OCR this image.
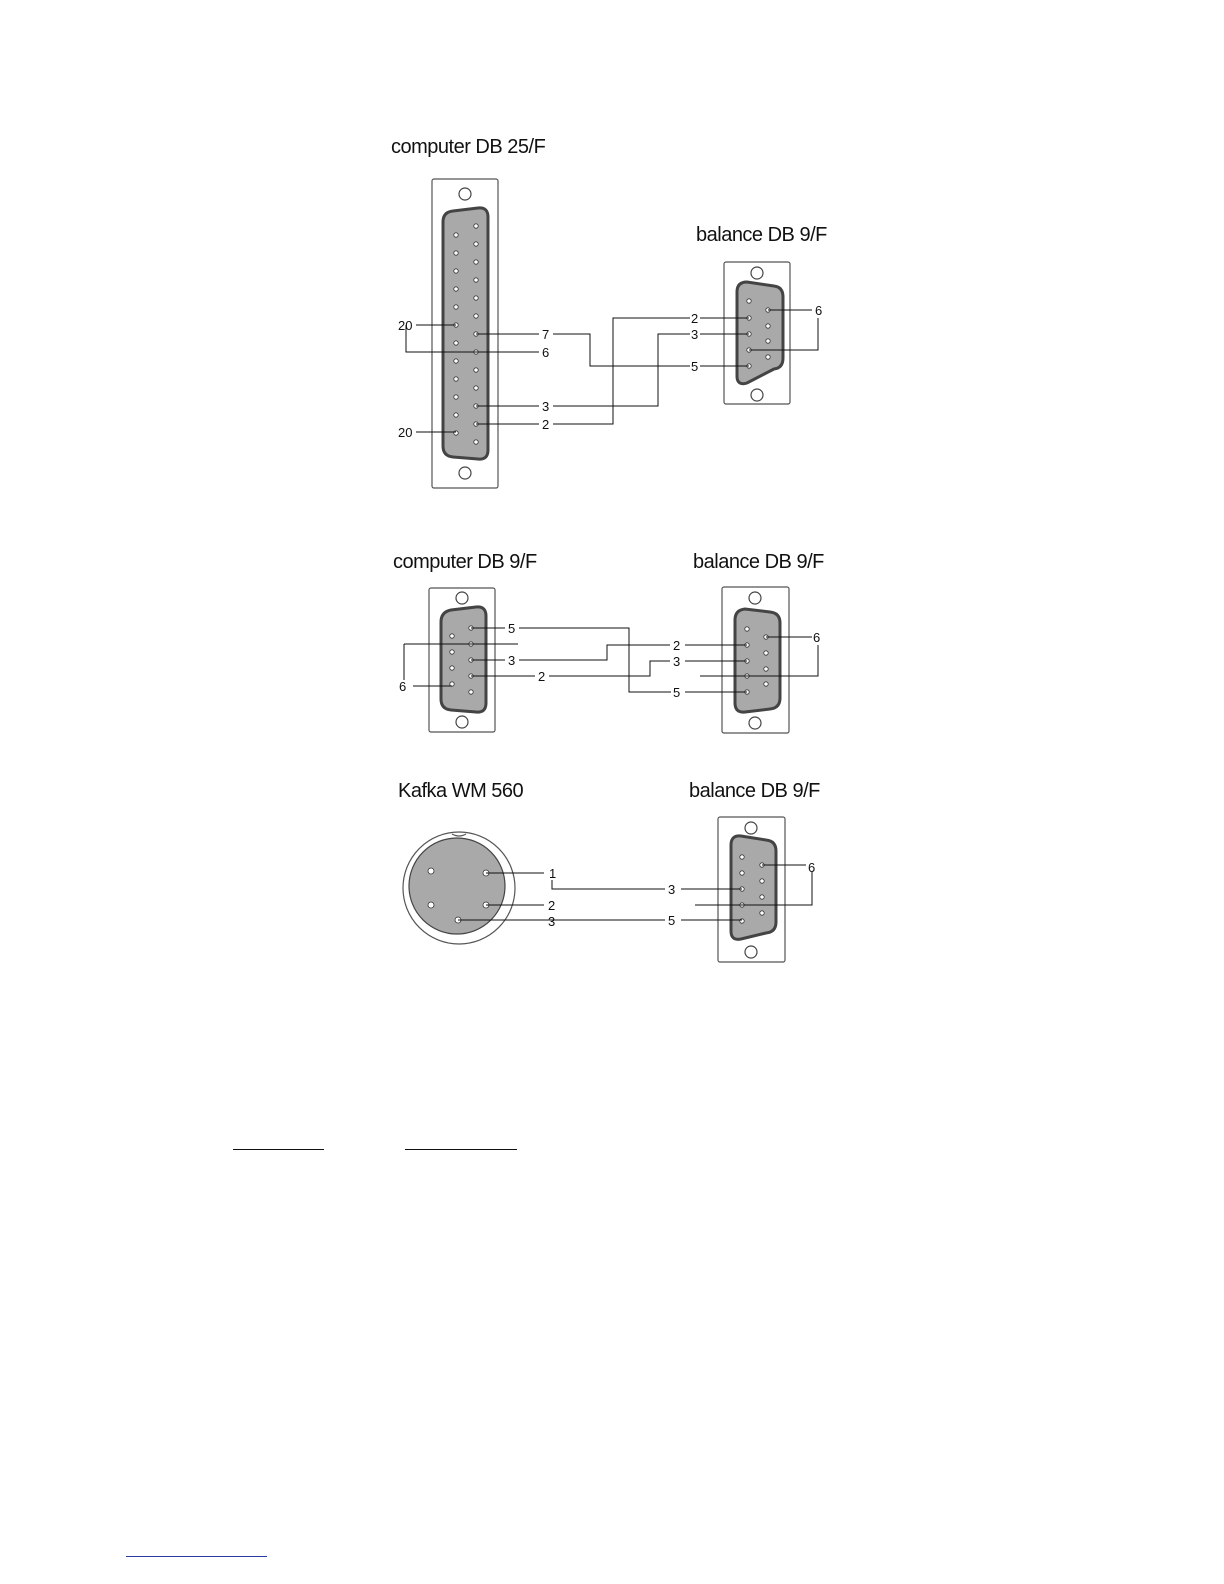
computer DB 25/F
balance DB 9/F
computer DB 9/F	balance DB 9/F
Kafka WM 560	balance DB 9/F
20
20
7
6
3
2
2
3
5
6
5
3
2
6
2
3
5
6
1
2
3
3
5
6
